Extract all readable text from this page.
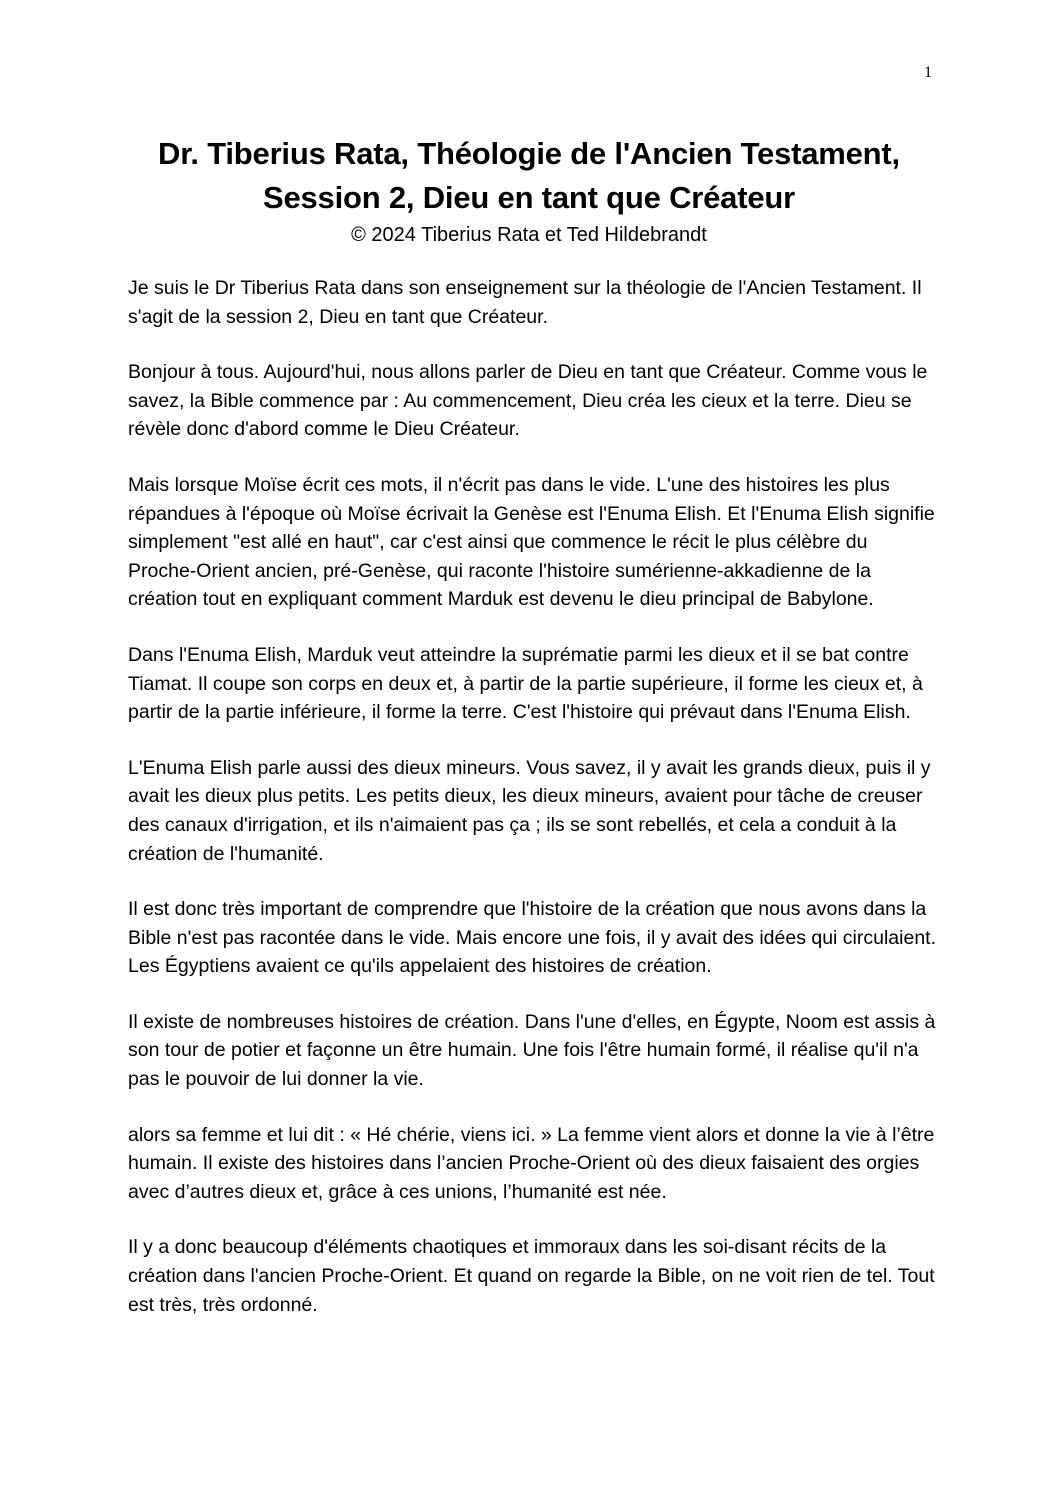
1
Dr. Tiberius Rata, Théologie de l'Ancien Testament,
Session 2, Dieu en tant que Créateur

© 2024 Tiberius Rata et Ted Hildebrandt

Je suis le Dr Tiberius Rata dans son enseignement sur la théologie de l'Ancien Testament. Il s'agit de la session 2, Dieu en tant que Créateur.

Bonjour à tous. Aujourd'hui, nous allons parler de Dieu en tant que Créateur. Comme vous le savez, la Bible commence par : Au commencement, Dieu créa les cieux et la terre. Dieu se révèle donc d'abord comme le Dieu Créateur.

Mais lorsque Moïse écrit ces mots, il n'écrit pas dans le vide. L'une des histoires les plus répandues à l'époque où Moïse écrivait la Genèse est l'Enuma Elish. Et l'Enuma Elish signifie simplement "est allé en haut", car c'est ainsi que commence le récit le plus célèbre du Proche-Orient ancien, pré-Genèse, qui raconte l'histoire sumérienne-akkadienne de la création tout en expliquant comment Marduk est devenu le dieu principal de Babylone.

Dans l'Enuma Elish, Marduk veut atteindre la suprématie parmi les dieux et il se bat contre Tiamat. Il coupe son corps en deux et, à partir de la partie supérieure, il forme les cieux et, à partir de la partie inférieure, il forme la terre. C'est l'histoire qui prévaut dans l'Enuma Elish.

L'Enuma Elish parle aussi des dieux mineurs. Vous savez, il y avait les grands dieux, puis il y avait les dieux plus petits. Les petits dieux, les dieux mineurs, avaient pour tâche de creuser des canaux d'irrigation, et ils n'aimaient pas ça ; ils se sont rebellés, et cela a conduit à la création de l'humanité.

Il est donc très important de comprendre que l'histoire de la création que nous avons dans la Bible n'est pas racontée dans le vide. Mais encore une fois, il y avait des idées qui circulaient. Les Égyptiens avaient ce qu'ils appelaient des histoires de création.

Il existe de nombreuses histoires de création. Dans l'une d'elles, en Égypte, Noom est assis à son tour de potier et façonne un être humain. Une fois l'être humain formé, il réalise qu'il n'a pas le pouvoir de lui donner la vie.

alors sa femme et lui dit : « Hé chérie, viens ici. » La femme vient alors et donne la vie à l’être humain. Il existe des histoires dans l’ancien Proche-Orient où des dieux faisaient des orgies avec d’autres dieux et, grâce à ces unions, l’humanité est née.

Il y a donc beaucoup d'éléments chaotiques et immoraux dans les soi-disant récits de la création dans l'ancien Proche-Orient. Et quand on regarde la Bible, on ne voit rien de tel. Tout est très, très ordonné.
